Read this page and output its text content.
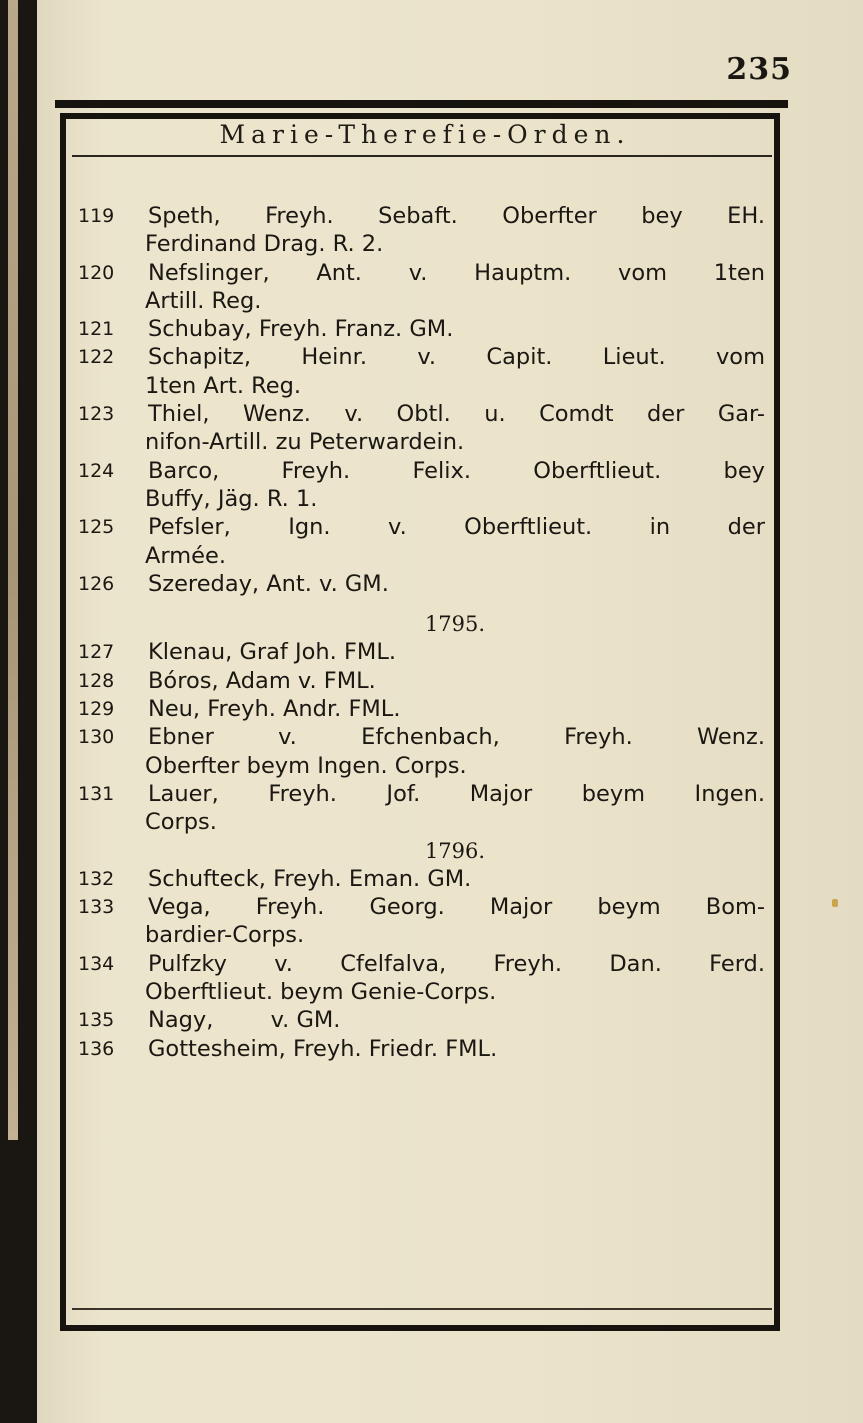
235
Marie-Therefie-Orden.
119	Speth, Freyh. Sebaft. Oberfter bey EH.
Ferdinand Drag. R. 2.
120	Nefslinger, Ant. v. Hauptm. vom 1ten
Artill. Reg.
121	Schubay, Freyh. Franz. GM.
122	Schapitz, Heinr. v. Capit. Lieut. vom
1ten Art. Reg.
123	Thiel, Wenz. v. Obtl. u. Comdt der Gar-
nifon-Artill. zu Peterwardein.
124	Barco, Freyh. Felix. Oberftlieut. bey
Buffy, Jäg. R. 1.
125	Pefsler, Ign. v. Oberftlieut. in der
Armée.
126	Szereday, Ant. v. GM.
1795.
127	Klenau, Graf Joh. FML.
128	Bóros, Adam v. FML.
129	Neu, Freyh. Andr. FML.
130	Ebner v. Efchenbach, Freyh. Wenz.
Oberfter beym Ingen. Corps.
131	Lauer, Freyh. Jof. Major beym Ingen.
Corps.
1796.
132	Schufteck, Freyh. Eman. GM.
133	Vega, Freyh. Georg. Major beym Bom-
bardier-Corps.
134	Pulfzky v. Cfelfalva, Freyh. Dan. Ferd.
Oberftlieut. beym Genie-Corps.
135	Nagy,        v. GM.
136	Gottesheim, Freyh. Friedr. FML.
